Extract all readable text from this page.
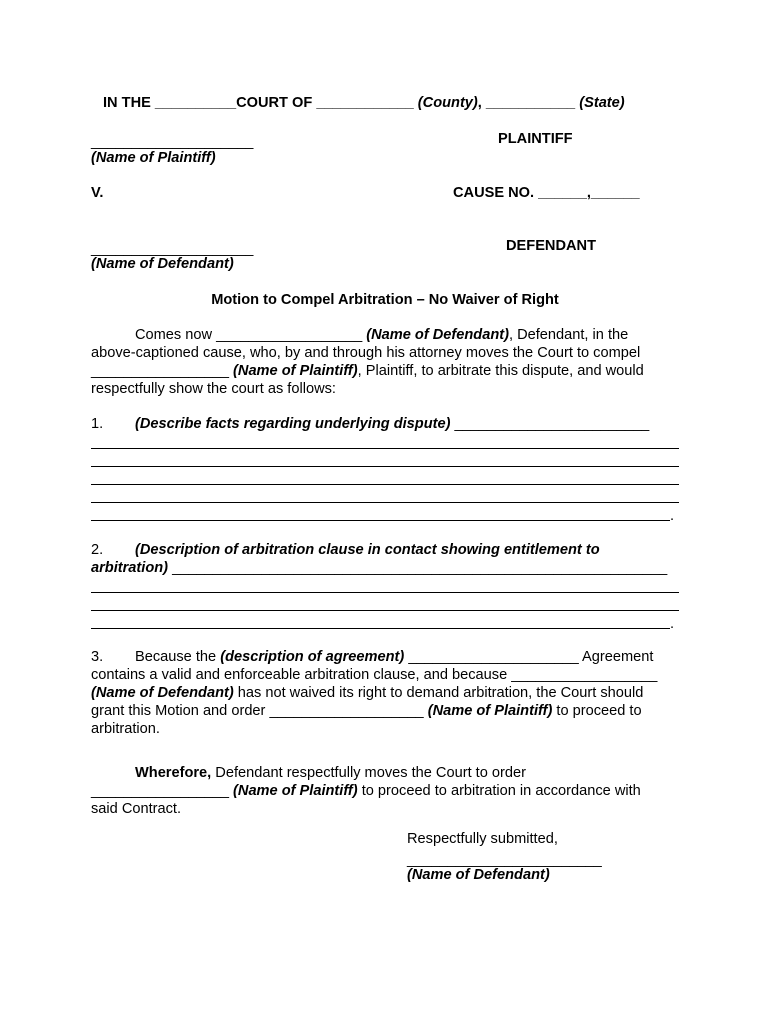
IN THE __________COURT OF ____________ (County), ___________ (State)
____________________	PLAINTIFF
(Name of Plaintiff)
V.	CAUSE NO. ______,______
____________________	DEFENDANT
(Name of Defendant)
Motion to Compel Arbitration – No Waiver of Right
Comes now __________________ (Name of Defendant), Defendant, in the
above-captioned cause, who, by and through his attorney moves the Court to compel
_________________ (Name of Plaintiff), Plaintiff, to arbitrate this dispute, and would
respectfully show the court as follows:
1. (Describe facts regarding underlying dispute) ________________________
.
2. (Description of arbitration clause in contact showing entitlement to
arbitration) _____________________________________________________________
.
3. Because the (description of agreement) _____________________ Agreement
contains a valid and enforceable arbitration clause, and because __________________
(Name of Defendant) has not waived its right to demand arbitration, the Court should
grant this Motion and order ___________________ (Name of Plaintiff) to proceed to
arbitration.
Wherefore, Defendant respectfully moves the Court to order
_________________ (Name of Plaintiff) to proceed to arbitration in accordance with
said Contract.
Respectfully submitted,
________________________
(Name of Defendant)
